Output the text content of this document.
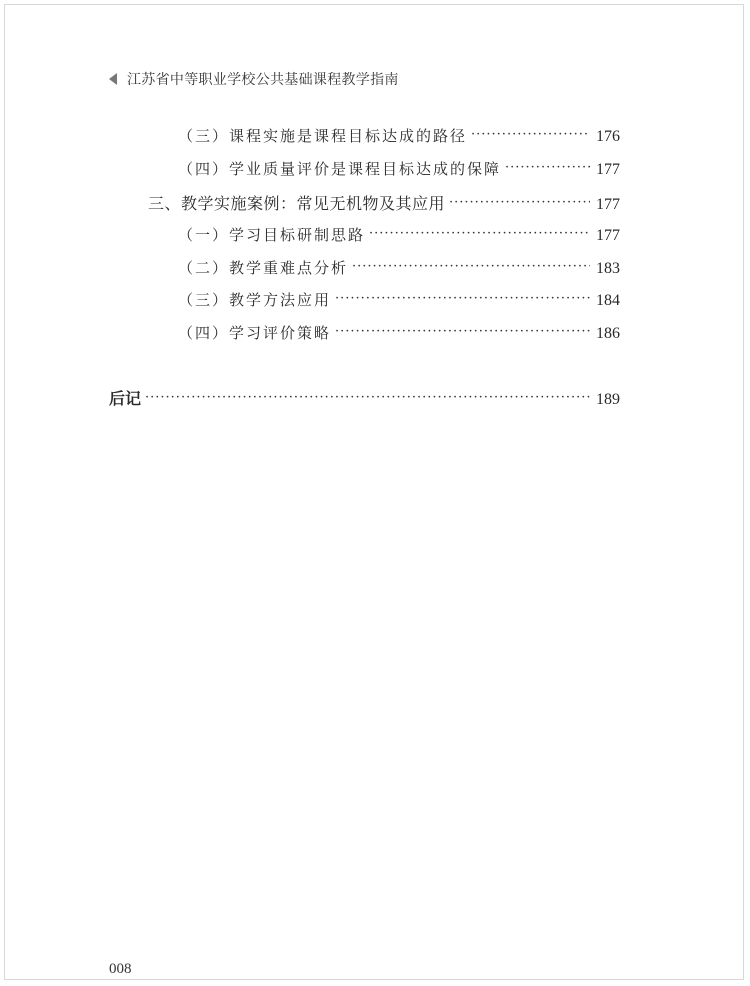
江苏省中等职业学校公共基础课程教学指南
（三）课程实施是课程目标达成的路径 ·····	176
（四）学业质量评价是课程目标达成的保障 ·····	177
三、教学实施案例：常见无机物及其应用 ·····	177
（一）学习目标研制思路 ·····	177
（二）教学重难点分析 ·····	183
（三）教学方法应用 ·····	184
（四）学习评价策略 ·····	186
后记 ·····	189
008
